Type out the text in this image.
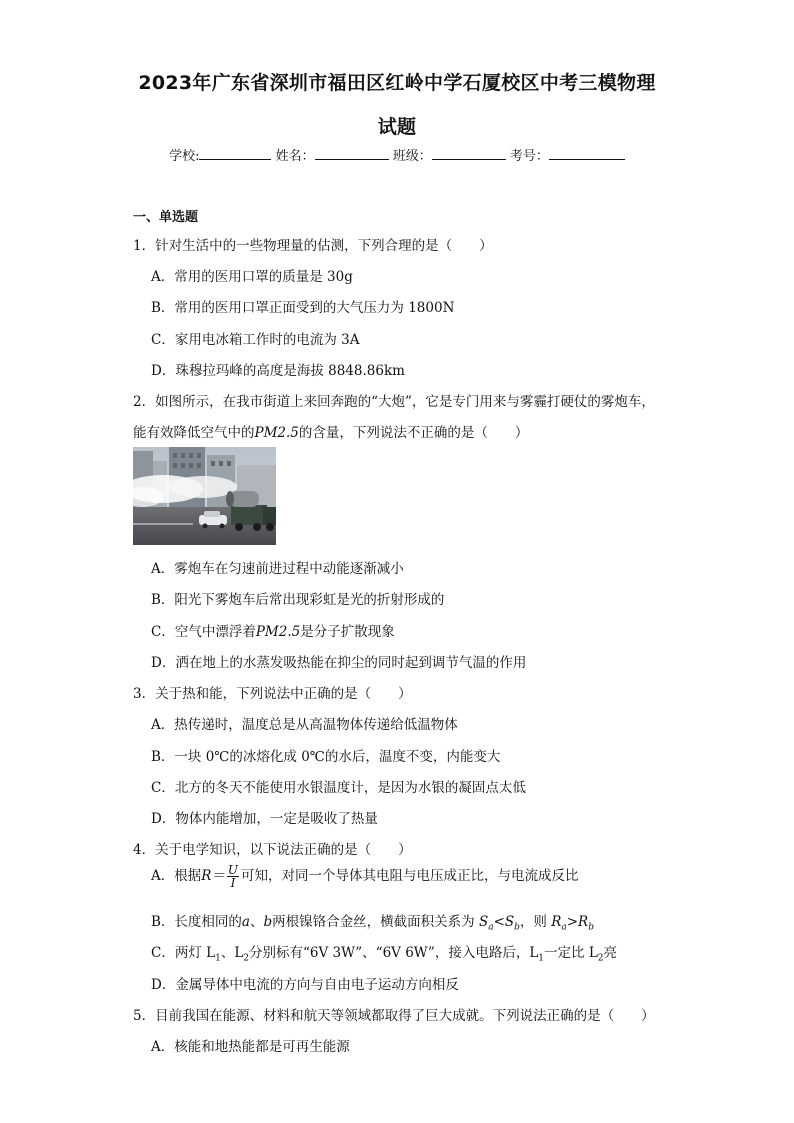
2023年广东省深圳市福田区红岭中学石厦校区中考三模物理
试题
学校:	姓名：	班级：	考号：
一、单选题
1．针对生活中的一些物理量的估测，下列合理的是（　　）
A．常用的医用口罩的质量是 30g
B．常用的医用口罩正面受到的大气压力为 1800N
C．家用电冰箱工作时的电流为 3A
D．珠穆拉玛峰的高度是海拔 8848.86km
2．如图所示，在我市街道上来回奔跑的“大炮”，它是专门用来与雾霾打硬仗的雾炮车，
能有效降低空气中的PM2.5的含量，下列说法不正确的是（　　）
A．雾炮车在匀速前进过程中动能逐渐减小
B．阳光下雾炮车后常出现彩虹是光的折射形成的
C．空气中漂浮着PM2.5是分子扩散现象
D．洒在地上的水蒸发吸热能在抑尘的同时起到调节气温的作用
3．关于热和能，下列说法中正确的是（　　）
A．热传递时，温度总是从高温物体传递给低温物体
B．一块 0℃的冰熔化成 0℃的水后，温度不变，内能变大
C．北方的冬天不能使用水银温度计，是因为水银的凝固点太低
D．物体内能增加，一定是吸收了热量
4．关于电学知识，以下说法正确的是（　　）
A．根据$R= \frac{U}{I}$ 可知，对同一个导体其电阻与电压成正比，与电流成反比
B．长度相同的a、b两根镍铬合金丝，横截面积关系为 $S_a<S_b$，则 $R_a>R_b$
C．两灯 $L_1$、$L_2$分别标有“6V 3W”、“6V 6W”，接入电路后，$L_1$一定比 $L_2$亮
D．金属导体中电流的方向与自由电子运动方向相反
5．目前我国在能源、材料和航天等领域都取得了巨大成就。下列说法正确的是（　　）
A．核能和地热能都是可再生能源
